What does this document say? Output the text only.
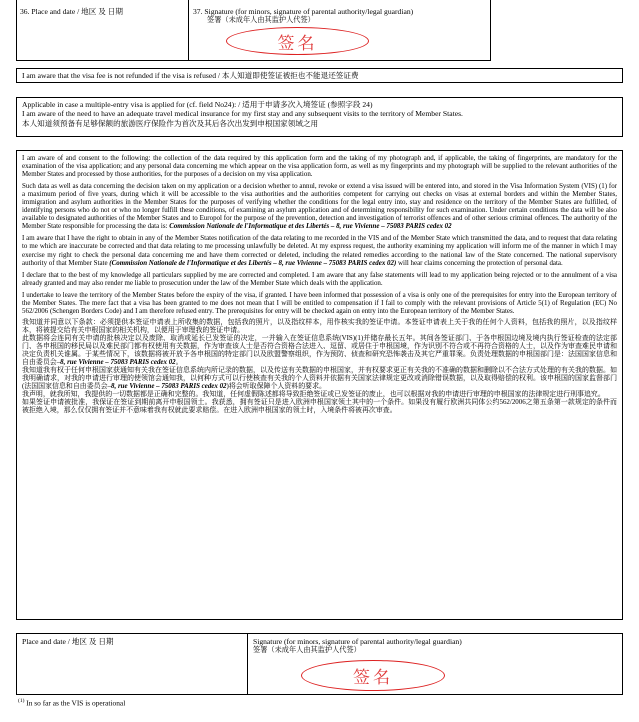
36. Place and date / 地区 及 日期	37. Signature (for minors, signature of parental authority/legal guardian)
签署（未成年人由其监护人代签）
签名
I am aware that the visa fee is not refunded if the visa is refused / 本人知道即使签证被拒也不能退还签证费
Applicable in case a multiple-entry visa is applied for (cf. field No24): / 适用于申请多次入境签证 (参照字段 24)
I am aware of the need to have an adequate travel medical insurance for my first stay and any subsequent visits to the territory of Member States.
本人知道须预备有足够保额的旅游医疗保险作为首次及其后各次出发到申根国家领域之用

I am aware of and consent to the following: the collection of the data required by this application form and the taking of my photograph and, if applicable, the taking of fingerprints, are mandatory for the examination of the visa application; and any personal data concerning me which appear on the visa application form, as well as my fingerprints and my photograph will be supplied to the relevant authorities of the Member States and processed by those authorities, for the purposes of a decision on my visa application.

Such data as well as data concerning the decision taken on my application or a decision whether to annul, revoke or extend a visa issued will be entered into, and stored in the Visa Information System (VIS) (1) for a maximum period of five years, during which it will be accessible to the visa authorities and the authorities competent for carrying out checks on visas at external borders and within the Member States, immigration and asylum authorities in the Member States for the purposes of verifying whether the conditions for the legal entry into, stay and residence on the territory of the Member States are fulfilled, of identifying persons who do not or who no longer fulfill these conditions, of examining an asylum application and of determining responsibility for such examination. Under certain conditions the data will be also available to designated authorities of the Member States and to Europol for the purpose of the prevention, detection and investigation of terrorist offences and of other serious criminal offences. The authority of the Member State responsible for processing the data is: Commission Nationale de l'Informatique et des Libertés – 8, rue Vivienne – 75083 PARIS cedex 02

I am aware that I have the right to obtain in any of the Member States notification of the data relating to me recorded in the VIS and of the Member State which transmitted the data, and to request that data relating to me which are inaccurate be corrected and that data relating to me processing unlawfully be deleted. At my express request, the authority examining my application will inform me of the manner in which I may exercise my right to check the personal data concerning me and have them corrected or deleted, including the related remedies according to the national law of the State concerned. The national supervisory authority of that Member State (Commission Nationale de l'Informatique et des Libertés – 8, rue Vivienne – 75083 PARIS cedex 02) will hear claims concerning the protection of personal data.

I declare that to the best of my knowledge all particulars supplied by me are corrected and completed. I am aware that any false statements will lead to my application being rejected or to the annulment of a visa already granted and may also render me liable to prosecution under the law of the Member State which deals with the application.

I undertake to leave the territory of the Member States before the expiry of the visa, if granted. I have been informed that possession of a visa is only one of the prerequisites for entry into the European territory of the Member States. The mere fact that a visa has been granted to me does not mean that I will be entitled to compensation if I fail to comply with the relevant provisions of Article 5(1) of Regulation (EC) No 562/2006 (Schengen Borders Code) and I am therefore refused entry. The prerequisites for entry will be checked again on entry into the European territory of the Member States.

我知道并同意以下条款：必须提供本签证申请表上所收集的数据，包括我的照片，以及指纹样本，用作核实我的签证申请。本签证申请表上关于我的任何个人资料，包括我的照片，以及指纹样本，将被提交给有关申根国家的相关机构，以便用于审理我的签证申请。

此数据将会连同有关申请的批核决定以及废除、取消或延长已发签证的决定，一并输入在签证信息系统(VIS)(1)并储存最长五年。其间各签证部门、于各申根国边境及境内执行签证检查的法定部门、各申根国的移民局以及难民部门都有权使用有关数据，作为审查该人士是否符合资格合法进入、逗留、或居住于申根国境，作为识别不符合或不再符合资格的人士，以及作为审查难民申请和决定负责机关谁属。于某些情况下，该数据将被开放予各申根国的特定部门以及欧盟警察组织，作为预防、侦查和研究恐怖袭击及其它严重罪案。负责处理数据的申根国部门是：法国国家信息和自由委员会–8, rue Vivienne – 75083 PARIS cedex 02。

我知道我有权于任何申根国家获通知有关我在签证信息系统内所记录的数据，以及传送有关数据的申根国家，并有权要求更正有关我的不准确的数据和删除以不合法方式处理的有关我的数据。如我明确请求，对我的申请进行审理的使领馆会通知我，以何种方式可以行使核查有关我的个人资料并依据有关国家法律规定更改或消除错误数据，以及取得赔偿的权利。该申根国的国家监督部门(法国国家信息和自由委员会–8, rue Vivienne – 75083 PARIS cedex 02)将会听取保障个人资料的要求。

我声明，就我所知，我提供的一切数据都是正确和完整的。我知道，任何虚假陈述都将导致拒绝签证或已发签证的废止，也可以根据对我的申请进行审理的申根国家的法律规定进行刑事追究。

如果签证申请被批准，我保证在签证到期前离开申根国领土。我获悉，拥有签证只是进入欧洲申根国家领土其中的一个条件。如果没有履行欧洲共同体公约562/2006之第五条第一款规定的条件而被拒绝入境，那么仅仅拥有签证并不意味着我有权就此要求赔偿。在进入欧洲申根国家的领土时，入境条件将被再次审查。

Place and date / 地区 及 日期	Signature (for minors, signature of parental authority/legal guardian)
签署（未成年人由其监护人代签）
签名
$^{(1)}$ In so far as the VIS is operational
